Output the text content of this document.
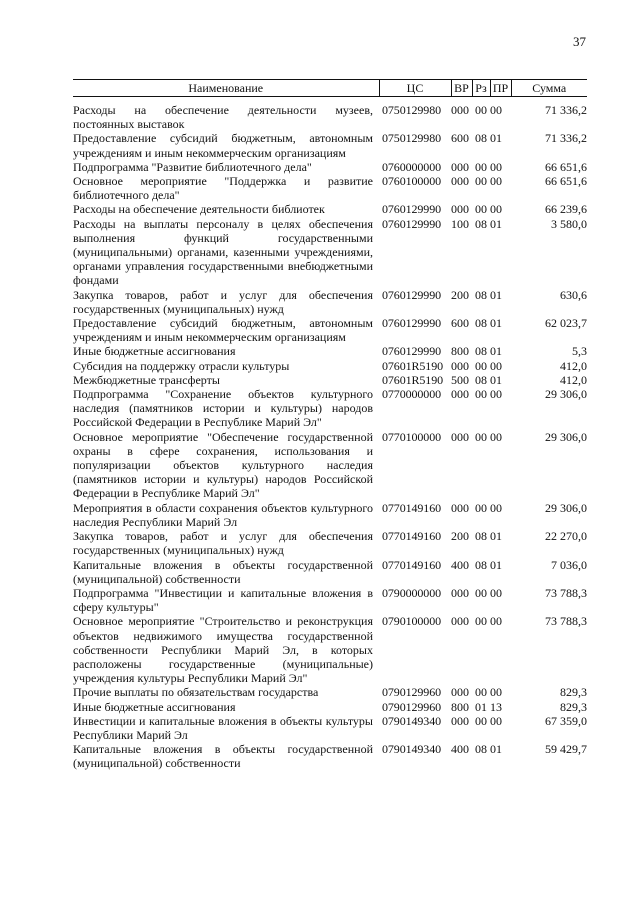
37
Наименование	ЦС	ВР	Рз	ПР	Сумма
Расходы на обеспечение деятельности музеев, постоянных выставок	0750129980	000	00	00	71 336,2
Предоставление субсидий бюджетным, автономным учреждениям и иным некоммерческим организациям	0750129980	600	08	01	71 336,2
Подпрограмма "Развитие библиотечного дела"	0760000000	000	00	00	66 651,6
Основное мероприятие "Поддержка и развитие библиотечного дела"	0760100000	000	00	00	66 651,6
Расходы на обеспечение деятельности библиотек	0760129990	000	00	00	66 239,6
Расходы на выплаты персоналу в целях обеспечения выполнения функций государственными (муниципальными) органами, казенными учреждениями, органами управления государственными внебюджетными фондами	0760129990	100	08	01	3 580,0
Закупка товаров, работ и услуг для обеспечения государственных (муниципальных) нужд	0760129990	200	08	01	630,6
Предоставление субсидий бюджетным, автономным учреждениям и иным некоммерческим организациям	0760129990	600	08	01	62 023,7
Иные бюджетные ассигнования	0760129990	800	08	01	5,3
Субсидия на поддержку отрасли культуры	07601R5190	000	00	00	412,0
Межбюджетные трансферты	07601R5190	500	08	01	412,0
Подпрограмма "Сохранение объектов культурного наследия (памятников истории и культуры) народов Российской Федерации в Республике Марий Эл"	0770000000	000	00	00	29 306,0
Основное мероприятие "Обеспечение государственной охраны в сфере сохранения, использования и популяризации объектов культурного наследия (памятников истории и культуры) народов Российской Федерации в Республике Марий Эл"	0770100000	000	00	00	29 306,0
Мероприятия в области сохранения объектов культурного наследия Республики Марий Эл	0770149160	000	00	00	29 306,0
Закупка товаров, работ и услуг для обеспечения государственных (муниципальных) нужд	0770149160	200	08	01	22 270,0
Капитальные вложения в объекты государственной (муниципальной) собственности	0770149160	400	08	01	7 036,0
Подпрограмма "Инвестиции и капитальные вложения в сферу культуры"	0790000000	000	00	00	73 788,3
Основное мероприятие "Строительство и реконструкция объектов недвижимого имущества государственной собственности Республики Марий Эл, в которых расположены государственные (муниципальные) учреждения культуры Республики Марий Эл"	0790100000	000	00	00	73 788,3
Прочие выплаты по обязательствам государства	0790129960	000	00	00	829,3
Иные бюджетные ассигнования	0790129960	800	01	13	829,3
Инвестиции и капитальные вложения в объекты культуры Республики Марий Эл	0790149340	000	00	00	67 359,0
Капитальные вложения в объекты государственной (муниципальной) собственности	0790149340	400	08	01	59 429,7
